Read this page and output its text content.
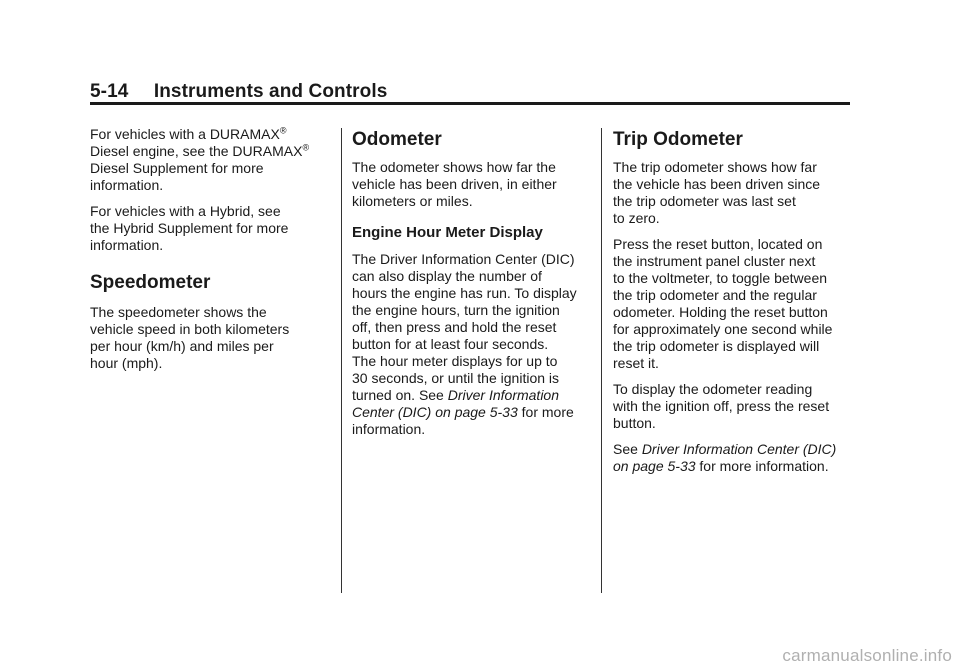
5-14 Instruments and Controls

For vehicles with a DURAMAX®
Diesel engine, see the DURAMAX®
Diesel Supplement for more
information.

For vehicles with a Hybrid, see
the Hybrid Supplement for more
information.

Speedometer

The speedometer shows the
vehicle speed in both kilometers
per hour (km/h) and miles per
hour (mph).

Odometer

The odometer shows how far the
vehicle has been driven, in either
kilometers or miles.

Engine Hour Meter Display

The Driver Information Center (DIC)
can also display the number of
hours the engine has run. To display
the engine hours, turn the ignition
off, then press and hold the reset
button for at least four seconds.
The hour meter displays for up to
30 seconds, or until the ignition is
turned on. See Driver Information
Center (DIC) on page 5-33 for more
information.

Trip Odometer

The trip odometer shows how far
the vehicle has been driven since
the trip odometer was last set
to zero.

Press the reset button, located on
the instrument panel cluster next
to the voltmeter, to toggle between
the trip odometer and the regular
odometer. Holding the reset button
for approximately one second while
the trip odometer is displayed will
reset it.

To display the odometer reading
with the ignition off, press the reset
button.

See Driver Information Center (DIC)
on page 5-33 for more information.

carmanualsonline.info
